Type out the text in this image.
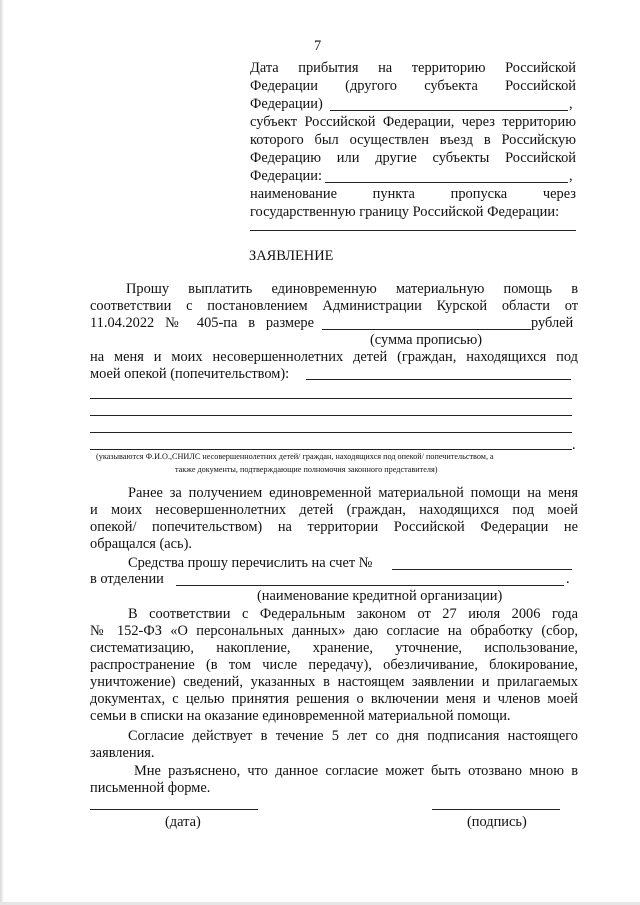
7
Дата прибытия на территорию Российской
Федерации (другого субъекта Российской
Федерации)	,
субъект Российской Федерации, через территорию
которого был осуществлен въезд в Российскую
Федерацию или другие субъекты Российской
Федерации:	,
наименование пункта пропуска через
государственную границу Российской Федерации:
ЗАЯВЛЕНИЕ
Прошу выплатить единовременную материальную помощь в
соответствии с постановлением Администрации Курской области от
11.04.2022 № 405-па в размере	рублей
(сумма прописью)
на меня и моих несовершеннолетних детей (граждан, находящихся под
моей опекой (попечительством):
.
(указываются Ф.И.О.,СНИЛС несовершеннолетних детей/ граждан, находящихся под опекой/ попечительством, а
также документы, подтверждающие полномочия законного представителя)
Ранее за получением единовременной материальной помощи на меня
и моих несовершеннолетних детей (граждан, находящихся под моей
опекой/ попечительством) на территории Российской Федерации не
обращался (ась).
Средства прошу перечислить на счет №
в отделении	.
(наименование кредитной организации)
В соответствии с Федеральным законом от 27 июля 2006 года
№ 152-ФЗ «О персональных данных» даю согласие на обработку (сбор,
систематизацию, накопление, хранение, уточнение, использование,
распространение (в том числе передачу), обезличивание, блокирование,
уничтожение) сведений, указанных в настоящем заявлении и прилагаемых
документах, с целью принятия решения о включении меня и членов моей
семьи в списки на оказание единовременной материальной помощи.
Согласие действует в течение 5 лет со дня подписания настоящего
заявления.
Мне разъяснено, что данное согласие может быть отозвано мною в
письменной форме.
(дата)	(подпись)
